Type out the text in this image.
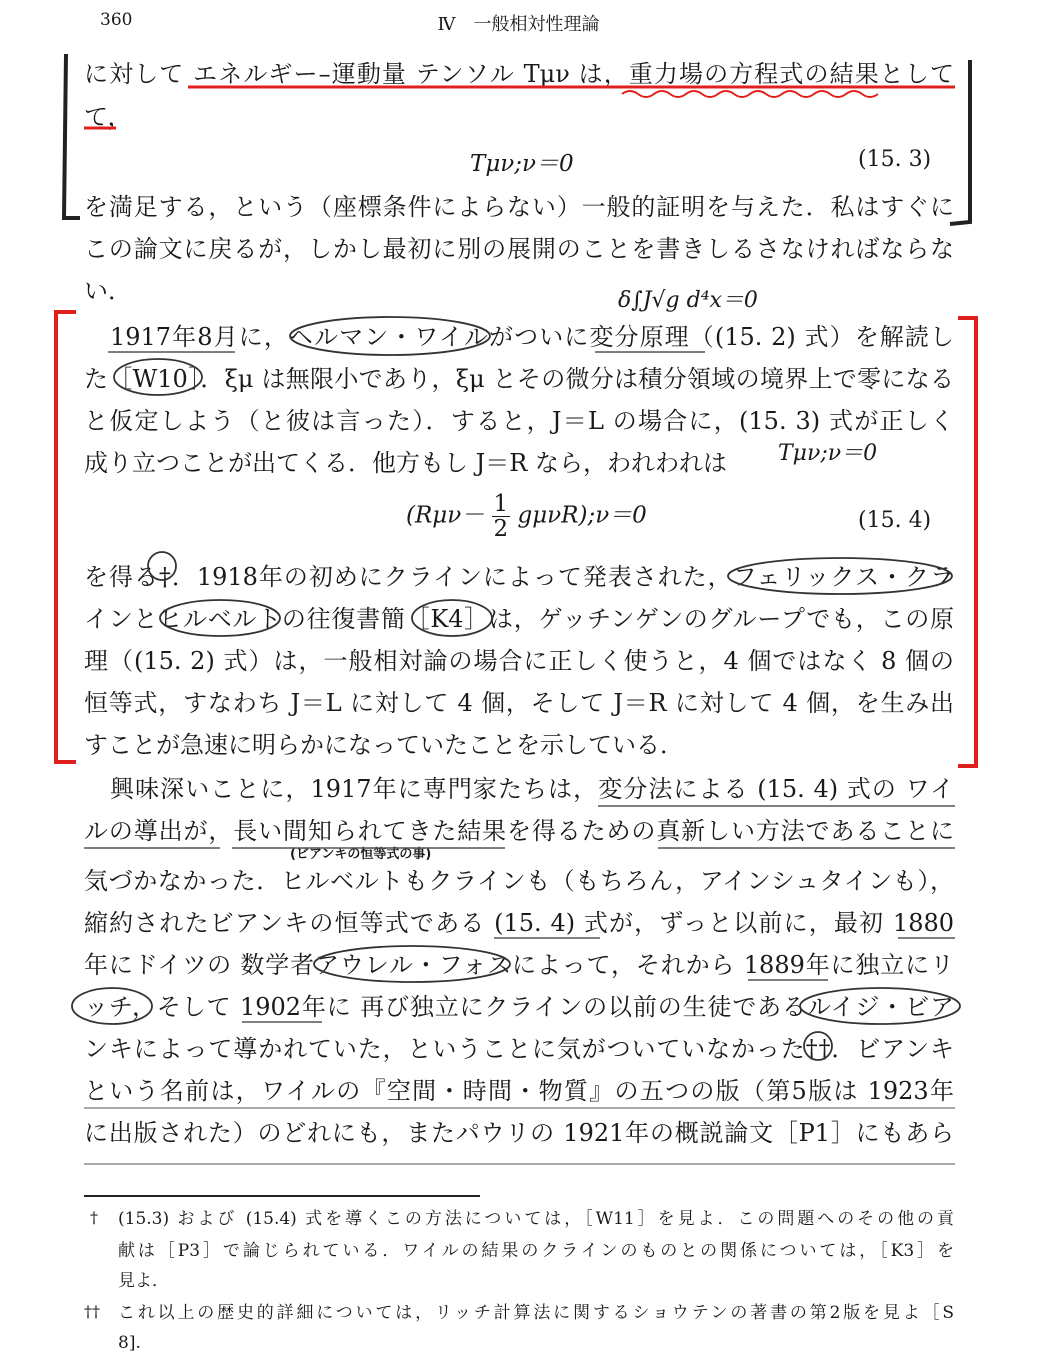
360	Ⅳ　一般相対性理論
に対して エネルギー–運動量 テンソル Tμν は，重力場の方程式の結果として
て，
Tμν;ν＝0	(15. 3)
を満足する，という（座標条件によらない）一般的証明を与えた．私はすぐに
この論文に戻るが，しかし最初に別の展開のことを書きしるさなければならな
い．	δ∫J√g d⁴x＝0
1917年8月に，ヘルマン・ワイルがついに変分原理（(15. 2) 式）を解読し
た［W10］．ξμ は無限小であり，ξμ とその微分は積分領域の境界上で零になる
と仮定しよう（と彼は言った）．すると，J＝L の場合に，(15. 3) 式が正しく
成り立つことが出てくる．他方もし J＝R なら，われわれは	Tμν;ν＝0
($R\mu\nu- \frac{1}{2}$ gμνR);ν＝0	(15. 4)
を得る†．1918年の初めにクラインによって発表された，フェリックス・クラ
インとヒルベルトの往復書簡［K4］は，ゲッチンゲンのグループでも，この原
理（(15. 2) 式）は，一般相対論の場合に正しく使うと，4 個ではなく 8 個の
恒等式，すなわち J＝L に対して 4 個，そして J＝R に対して 4 個，を生み出
すことが急速に明らかになっていたことを示している．
興味深いことに，1917年に専門家たちは，変分法による (15. 4) 式の ワイ
ルの導出が，長い間知られてきた結果を得るための真新しい方法であることに
(ビアンキの恒等式の事)
気づかなかった．ヒルベルトもクラインも（もちろん，アインシュタインも），
縮約されたビアンキの恒等式である (15. 4) 式が，ずっと以前に，最初 1880
年にドイツの 数学者アウレル・フォスによって，それから 1889年に独立にリ
ッチ，そして 1902年に 再び独立にクラインの以前の生徒であるルイジ・ビア
ンキによって導かれていた，ということに気がついていなかった††．ビアンキ
という名前は，ワイルの『空間・時間・物質』の五つの版（第5版は 1923年
に出版された）のどれにも，またパウリの 1921年の概説論文［P1］にもあら
† (15.3) および (15.4) 式を導くこの方法については，［W11］を見よ．この問題へのその他の貢
献は［P3］で論じられている．ワイルの結果のクラインのものとの関係については，［K3］を
見よ．
†† これ以上の歴史的詳細については，リッチ計算法に関するショウテンの著書の第2版を見よ［S
8].
